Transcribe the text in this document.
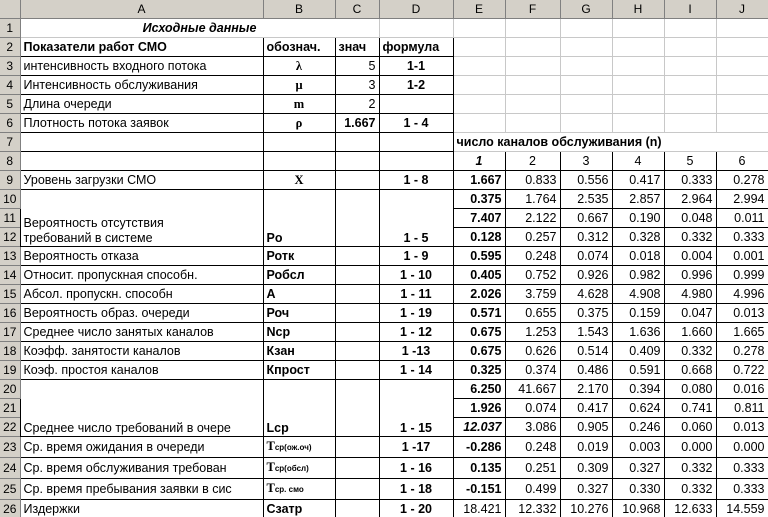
	A	B	C	D	E	F	G	H	I	J
1	Исходные данные									
2	Показатели работ СМО	обознач.	знач	формула						
3	интенсивность входного потока	λ	5	1-1						
4	Интенсивность обслуживания	μ	3	1-2						
5	Длина очереди	m	2							
6	Плотность потока заявок	ρ	1.667	1 - 4						
7					число каналов обслуживания (n)					
8					1	2	3	4	5	6
9	Уровень загрузки СМО	X		1 - 8	1.667	0.833	0.556	0.417	0.333	0.278
10	Вероятность отсутствия
требований в системе	Po		1 - 5	0.375	1.764	2.535	2.857	2.964	2.994
11					7.407	2.122	0.667	0.190	0.048	0.011
12					0.128	0.257	0.312	0.328	0.332	0.333
13	Вероятность отказа	Ротк		1 - 9	0.595	0.248	0.074	0.018	0.004	0.001
14	Относит. пропускная способн.	Робсл		1 - 10	0.405	0.752	0.926	0.982	0.996	0.999
15	Абсол. пропускн. способн	A		1 - 11	2.026	3.759	4.628	4.908	4.980	4.996
16	Вероятность образ. очереди	Роч		1 - 19	0.571	0.655	0.375	0.159	0.047	0.013
17	Среднее число занятых каналов	Ncp		1 - 12	0.675	1.253	1.543	1.636	1.660	1.665
18	Коэфф. занятости каналов	Кзан		1 -13	0.675	0.626	0.514	0.409	0.332	0.278
19	Коэф. простоя каналов	Кпрост		1 - 14	0.325	0.374	0.486	0.591	0.668	0.722
20	Среднее число требований в очере	Lcp		1 - 15	6.250	41.667	2.170	0.394	0.080	0.016
21					1.926	0.074	0.417	0.624	0.741	0.811
22					12.037	3.086	0.905	0.246	0.060	0.013
23	Ср. время ожидания в очереди	Tср(ож.оч)		1 -17	-0.286	0.248	0.019	0.003	0.000	0.000
24	Ср. время обслуживания требован	Tср(обсл)		1 - 16	0.135	0.251	0.309	0.327	0.332	0.333
25	Ср. время пребывания заявки в сис	Tср. смо		1 - 18	-0.151	0.499	0.327	0.330	0.332	0.333
26	Издержки	Сзатр		1 - 20	18.421	12.332	10.276	10.968	12.633	14.559
